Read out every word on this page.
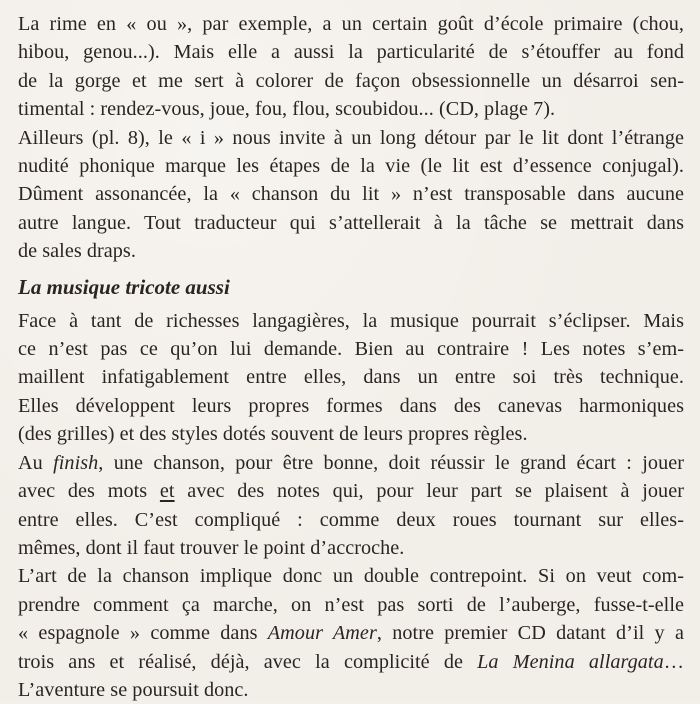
La rime en « ou », par exemple, a un certain goût d’école primaire (chou,
hibou, genou...). Mais elle a aussi la particularité de s’étouffer au fond
de la gorge et me sert à colorer de façon obsessionnelle un désarroi sen-
timental : rendez-vous, joue, fou, flou, scoubidou... (CD, plage 7).

Ailleurs (pl. 8), le « i » nous invite à un long détour par le lit dont l’étrange
nudité phonique marque les étapes de la vie (le lit est d’essence conjugal).
Dûment assonancée, la « chanson du lit » n’est transposable dans aucune
autre langue. Tout traducteur qui s’attellerait à la tâche se mettrait dans
de sales draps.

La musique tricote aussi

Face à tant de richesses langagières, la musique pourrait s’éclipser. Mais
ce n’est pas ce qu’on lui demande. Bien au contraire ! Les notes s’em-
maillent infatigablement entre elles, dans un entre soi très technique.
Elles développent leurs propres formes dans des canevas harmoniques
(des grilles) et des styles dotés souvent de leurs propres règles.

Au finish, une chanson, pour être bonne, doit réussir le grand écart : jouer
avec des mots et avec des notes qui, pour leur part se plaisent à jouer
entre elles. C’est compliqué : comme deux roues tournant sur elles-
mêmes, dont il faut trouver le point d’accroche.

L’art de la chanson implique donc un double contrepoint. Si on veut com-
prendre comment ça marche, on n’est pas sorti de l’auberge, fusse-t-elle
« espagnole » comme dans Amour Amer, notre premier CD datant d’il y a
trois ans et réalisé, déjà, avec la complicité de La Menina allargata…
L’aventure se poursuit donc.
